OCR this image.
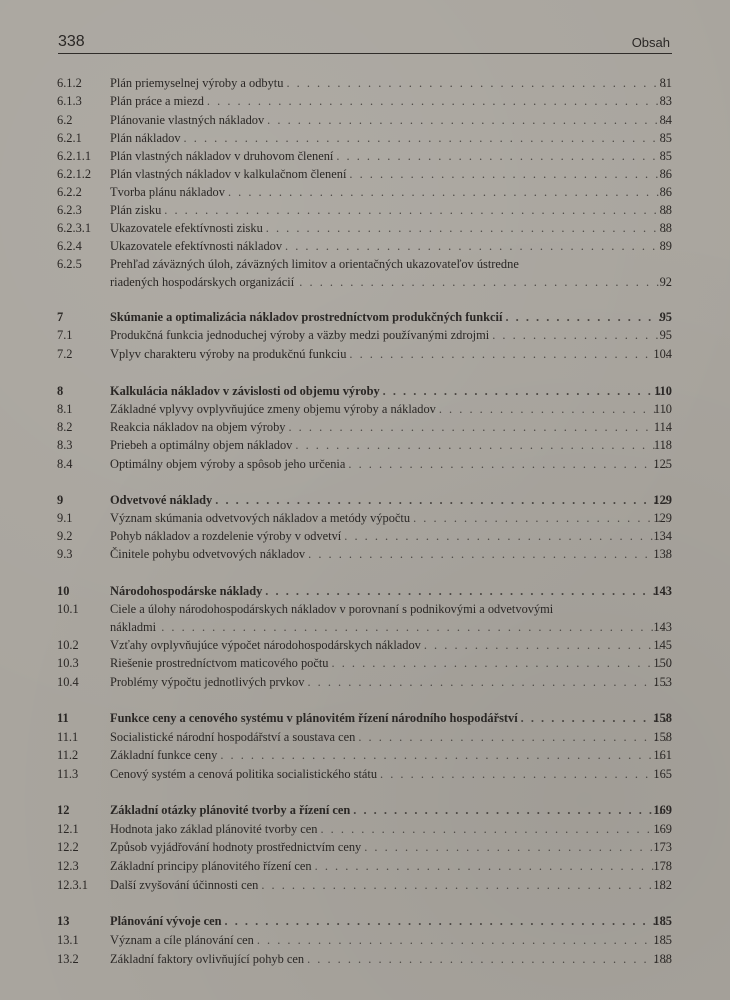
338	Obsah
6.1.2 Plán priemyselnej výroby a odbytu . . .	81
6.1.3 Plán práce a miezd . . .	83
6.2	Plánovanie vlastných nákladov . . .	84
6.2.1 Plán nákladov . . .	85
6.2.1.1 Plán vlastných nákladov v druhovom členení . . .	85
6.2.1.2 Plán vlastných nákladov v kalkulačnom členení . . .	86
6.2.2 Tvorba plánu nákladov . . .	86
6.2.3 Plán zisku . . .	88
6.2.3.1 Ukazovatele efektívnosti zisku . . .	88
6.2.4 Ukazovatele efektívnosti nákladov . . .	89
6.2.5 Prehľad záväzných úloh, záväzných limitov a orientačných ukazovateľov ústredne
riadených hospodárskych organizácií . . .	92
7	Skúmanie a optimalizácia nákladov prostredníctvom produkčných funkcií . . .	95
7.1	Produkčná funkcia jednoduchej výroby a väzby medzi používanými zdrojmi . . .	95
7.2	Vplyv charakteru výroby na produkčnú funkciu . . .	104
8	Kalkulácia nákladov v závislosti od objemu výroby . . .	110
8.1	Základné vplyvy ovplyvňujúce zmeny objemu výroby a nákladov . . .	110
8.2	Reakcia nákladov na objem výroby . . .	114
8.3	Priebeh a optimálny objem nákladov . . .	118
8.4	Optimálny objem výroby a spôsob jeho určenia . . .	125
9	Odvetvové náklady . . .	129
9.1	Význam skúmania odvetvových nákladov a metódy výpočtu . . .	129
9.2	Pohyb nákladov a rozdelenie výroby v odvetví . . .	134
9.3	Činitele pohybu odvetvových nákladov . . .	138
10	Národohospodárske náklady . . .	143
10.1	Ciele a úlohy národohospodárskych nákladov v porovnaní s podnikovými a odvetvovými
nákladmi . . .	143
10.2	Vzťahy ovplyvňujúce výpočet národohospodárskych nákladov . . .	145
10.3	Riešenie prostredníctvom maticového počtu . . .	150
10.4	Problémy výpočtu jednotlivých prvkov . . .	153
11	Funkce ceny a cenového systému v plánovitém řízení národního hospodářství . . .	158
11.1	Socialistické národní hospodářství a soustava cen . . .	158
11.2	Základní funkce ceny . . .	161
11.3	Cenový systém a cenová politika socialistického státu . . .	165
12	Základní otázky plánovité tvorby a řízení cen . . .	169
12.1	Hodnota jako základ plánovité tvorby cen . . .	169
12.2	Způsob vyjádřování hodnoty prostřednictvím ceny . . .	173
12.3	Základní principy plánovitého řízení cen . . .	178
12.3.1 Další zvyšování účinnosti cen . . .	182
13	Plánování vývoje cen . . .	185
13.1	Význam a cíle plánování cen . . .	185
13.2	Základní faktory ovlivňující pohyb cen . . .	188
